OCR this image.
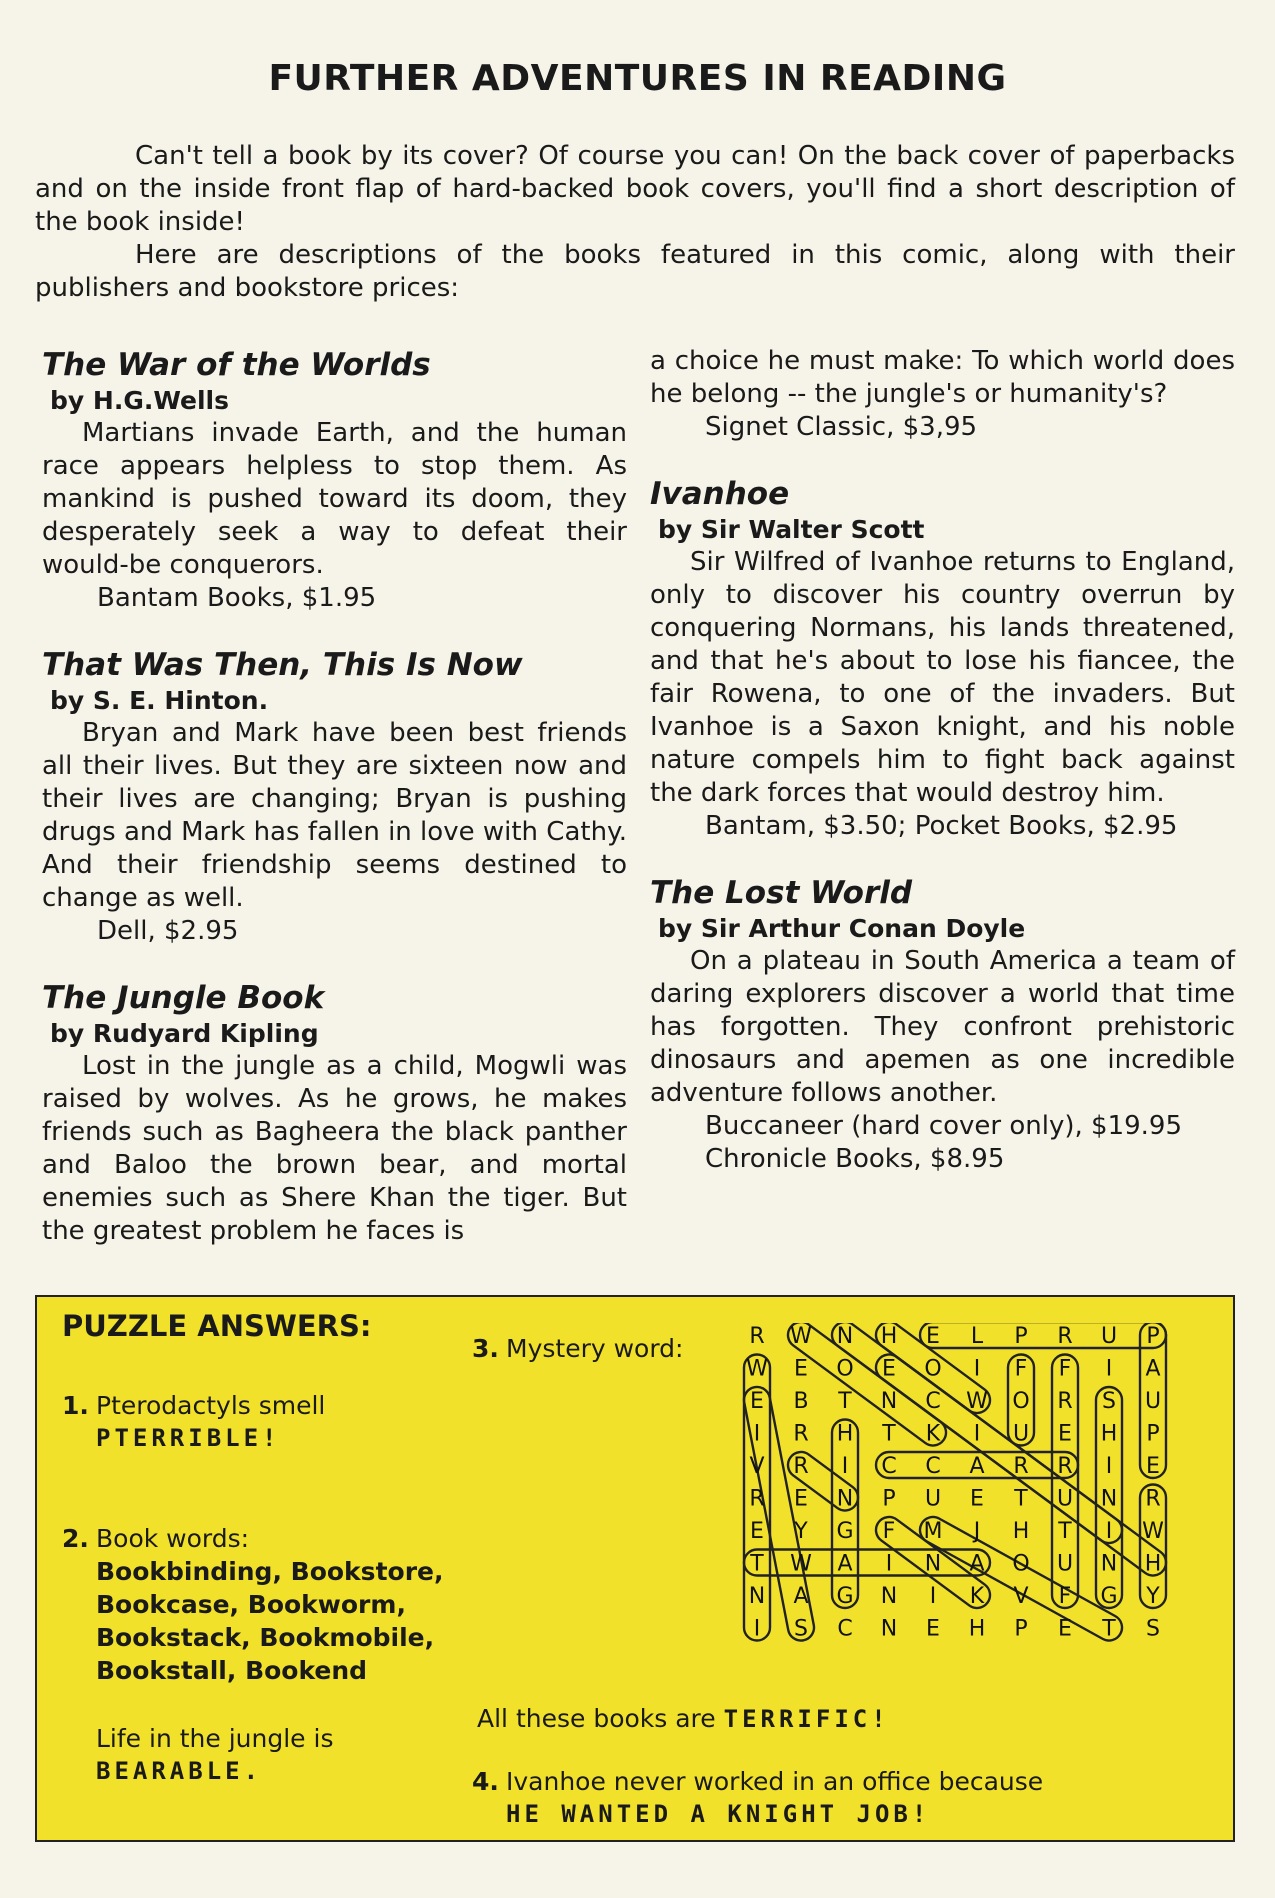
FURTHER ADVENTURES IN READING

Can't tell a book by its cover? Of course you can! On the back cover of paperbacks and on the inside front flap of hard-backed book covers, you'll find a short description of the book inside!

Here are descriptions of the books featured in this comic, along with their publishers and bookstore prices:

The War of the Worlds
by H.G.Wells

Martians invade Earth, and the human race appears helpless to stop them. As mankind is pushed toward its doom, they desperately seek a way to defeat their would-be conquerors.

Bantam Books, $1.95
That Was Then, This Is Now
by S. E. Hinton.

Bryan and Mark have been best friends all their lives. But they are sixteen now and their lives are changing; Bryan is pushing drugs and Mark has fallen in love with Cathy. And their friendship seems destined to change as well.

Dell, $2.95
The Jungle Book
by Rudyard Kipling

Lost in the jungle as a child, Mogwli was raised by wolves. As he grows, he makes friends such as Bagheera the black panther and Baloo the brown bear, and mortal enemies such as Shere Khan the tiger. But the greatest problem he faces is

a choice he must make: To which world does he belong -- the jungle's or humanity's?

Signet Classic, $3,95
Ivanhoe
by Sir Walter Scott

Sir Wilfred of Ivanhoe returns to England, only to discover his country overrun by conquering Normans, his lands threatened, and that he's about to lose his fiancee, the fair Rowena, to one of the invaders. But Ivanhoe is a Saxon knight, and his noble nature compels him to fight back against the dark forces that would destroy him.

Bantam, $3.50; Pocket Books, $2.95
The Lost World
by Sir Arthur Conan Doyle

On a plateau in South America a team of daring explorers discover a world that time has forgotten. They confront prehistoric dinosaurs and apemen as one incredible adventure follows another.

Buccaneer (hard cover only), $19.95
Chronicle Books, $8.95
PUZZLE ANSWERS:
1. Pterodactyls smell
PTERRIBLE!
2. Book words:
Bookbinding, Bookstore,
Bookcase, Bookworm,
Bookstack, Bookmobile,
Bookstall, Bookend
Life in the jungle is
BEARABLE.
3. Mystery word:	R W N H E L P R U P
W E O E O I F F I A
E B T N C W O R S U
I R H T K I U E H P
V R I C C A R R I E
R E N P U E T U N R
E Y G F M J H T I W
T W A I N A O U N H
N A G N I K V F G Y
I S C N E H P E T S
All these books are TERRIFIC!
4. Ivanhoe never worked in an office because
HE WANTED A KNIGHT JOB!
